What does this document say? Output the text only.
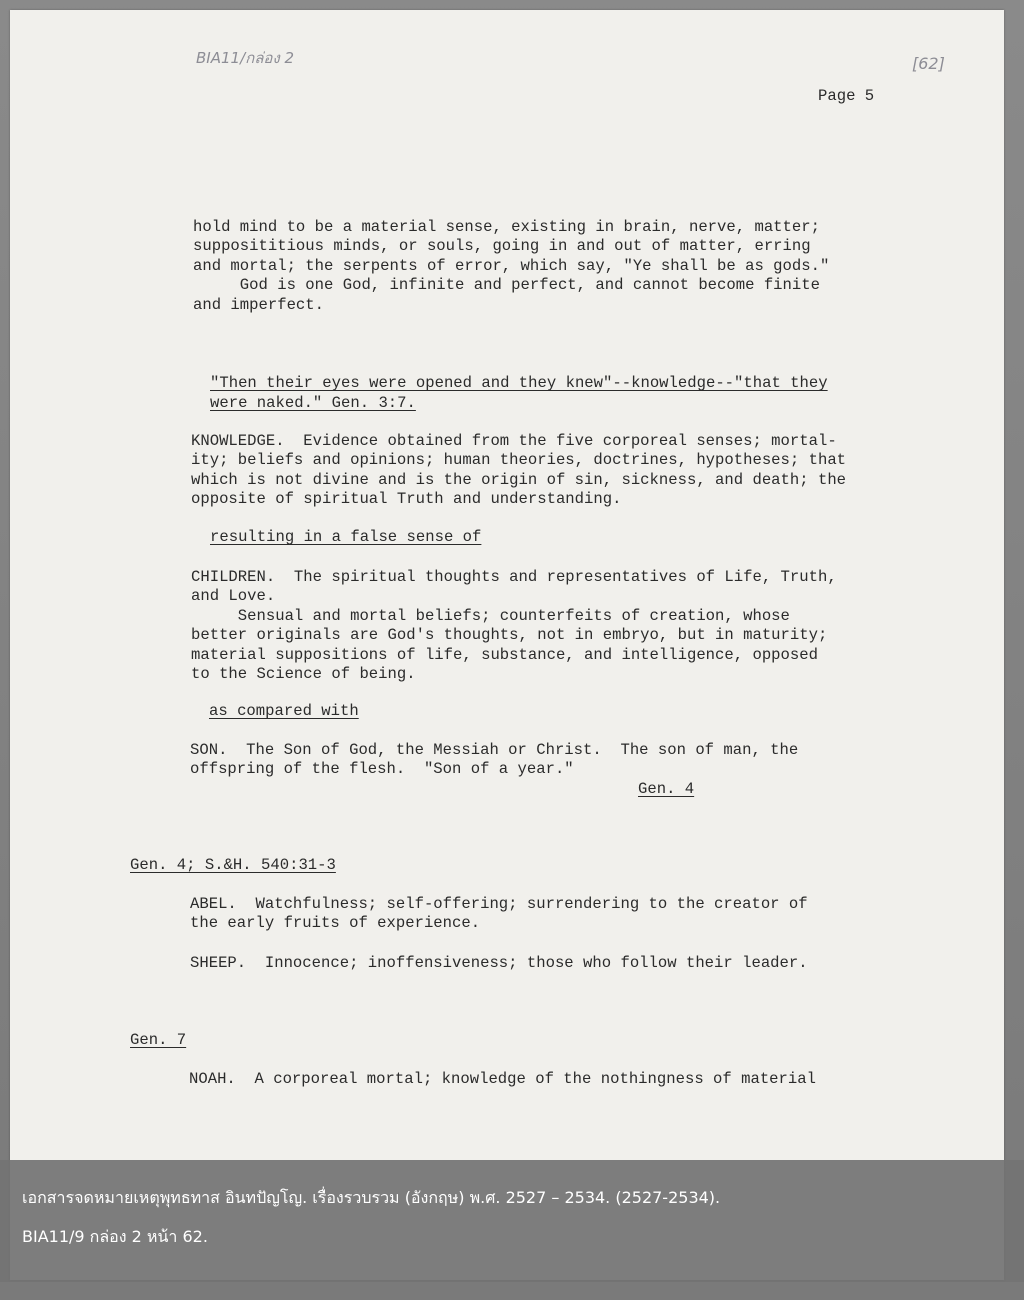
BIA11/กล่อง 2	[62]

Page 5

hold mind to be a material sense, existing in brain, nerve, matter;
supposititious minds, or souls, going in and out of matter, erring
and mortal; the serpents of error, which say, "Ye shall be as gods."
God is one God, infinite and perfect, and cannot become finite
and imperfect.

"Then their eyes were opened and they knew"--knowledge--"that they

were naked." Gen. 3:7.

KNOWLEDGE.  Evidence obtained from the five corporeal senses; mortal-
ity; beliefs and opinions; human theories, doctrines, hypotheses; that
which is not divine and is the origin of sin, sickness, and death; the
opposite of spiritual Truth and understanding.

resulting in a false sense of

CHILDREN.  The spiritual thoughts and representatives of Life, Truth,
and Love.
Sensual and mortal beliefs; counterfeits of creation, whose
better originals are God's thoughts, not in embryo, but in maturity;
material suppositions of life, substance, and intelligence, opposed
to the Science of being.

as compared with

SON.  The Son of God, the Messiah or Christ.  The son of man, the
offspring of the flesh.  "Son of a year."

Gen. 4

Gen. 4; S.&H. 540:31-3

ABEL.  Watchfulness; self-offering; surrendering to the creator of
the early fruits of experience.

SHEEP.  Innocence; inoffensiveness; those who follow their leader.

Gen. 7

NOAH.  A corporeal mortal; knowledge of the nothingness of material

เอกสารจดหมายเหตุพุทธทาส อินทปัญโญ. เรื่องรวบรวม (อังกฤษ) พ.ศ. 2527 – 2534. (2527-2534).
BIA11/9 กล่อง 2 หน้า 62.
